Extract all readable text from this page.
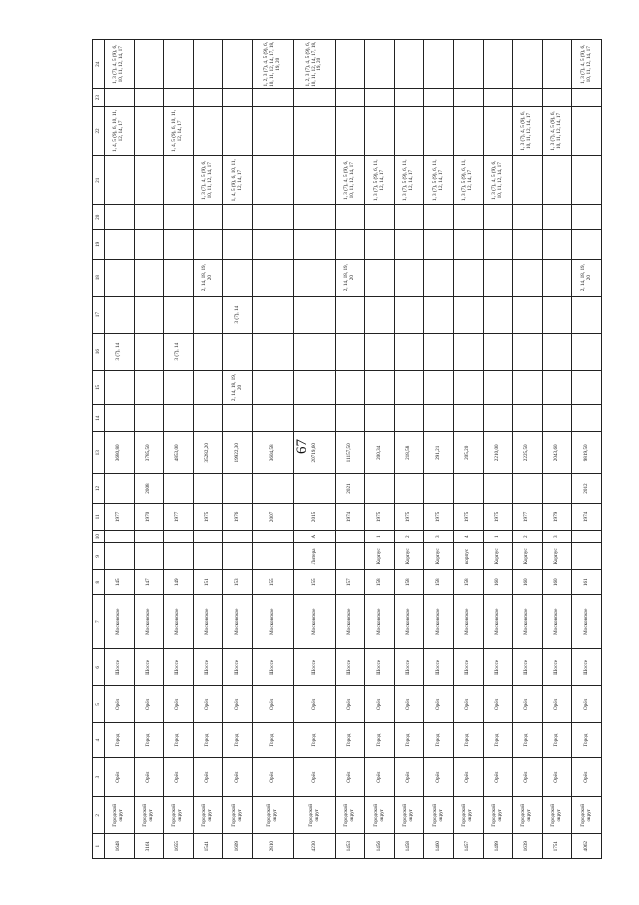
67
1	2	3	4	5	6	7	8	9	10	11	12	13	14	15	16	17	18	19	20	21	22	23	24
1648	Городской округ	Орёл	Город	Орёл	Шоссе	Московское	145			1977		3680,80			3 (7), 14						1, 4, 5 (9), 6, 10, 11, 12, 14, 17		1, 3 (7), 4, 5 (9), 6, 10, 11, 12, 14, 17
3161	Городской округ	Орёл	Город	Орёл	Шоссе	Московское	147			1970	2008	3785,50											
1655	Городской округ	Орёл	Город	Орёл	Шоссе	Московское	149			1977		4853,00			3 (7), 14						1, 4, 5 (9), 6, 10, 11, 12, 14, 17		
1541	Городской округ	Орёл	Город	Орёл	Шоссе	Московское	151			1975		35282,20					2, 14, 18, 19, 20			1, 3 (7), 4, 5 (9), 6, 10, 11, 12, 14, 17			
1609	Городской округ	Орёл	Город	Орёл	Шоссе	Московское	153			1976		19922,30		2, 14, 18, 19, 20		3 (7), 14				1, 4, 5 (9), 6, 10, 11, 12, 14, 17			
2810	Городской округ	Орёл	Город	Орёл	Шоссе	Московское	155			2007		3604,58											1, 2, 3 (7), 4, 5 (9), 6, 10, 11, 12, 14, 17, 18, 19, 20
4230	Городской округ	Орёл	Город	Орёл	Шоссе	Московское	155	Литера	А	2015		20719,60											1, 2, 3 (7), 4, 5 (9), 6, 10, 11, 12, 14, 17, 18, 19, 20
1453	Городской округ	Орёл	Город	Орёл	Шоссе	Московское	157			1974	2021	11157,50					2, 14, 18, 19, 20			1, 3 (7), 4, 5 (9), 6, 10, 11, 12, 14, 17			
1456	Городской округ	Орёл	Город	Орёл	Шоссе	Московское	158	Корпус	1	1975		200,34								1, 3 (7), 5 (9), 6, 11, 12, 14, 17			
1458	Городской округ	Орёл	Город	Орёл	Шоссе	Московское	158	Корпус	2	1975		218,58								1, 3 (7), 5 (9), 6, 11, 12, 14, 17			
1460	Городской округ	Орёл	Город	Орёл	Шоссе	Московское	158	Корпус	3	1975		291,21								1, 3 (7), 5 (9), 6, 11, 12, 14, 17			
1457	Городской округ	Орёл	Город	Орёл	Шоссе	Московское	158	корпус	4	1975		205,20								1, 3 (7), 5 (9), 6, 11, 12, 14, 17			
1499	Городской округ	Орёл	Город	Орёл	Шоссе	Московское	160	Корпус	1	1975		2210,00								1, 3 (7), 4, 5 (9), 6, 10, 11, 12, 14, 17			
1639	Городской округ	Орёл	Город	Орёл	Шоссе	Московское	160	Корпус	2	1977		2225,50									1, 3 (7), 4, 5 (9), 6, 10, 11, 12, 14, 17		
1751	Городской округ	Орёл	Город	Орёл	Шоссе	Московское	160	Корпус	3	1979		2043,60									1, 3 (7), 4, 5 (9), 6, 10, 11, 12, 14, 17		
4062	Городской округ	Орёл	Город	Орёл	Шоссе	Московское	161			1974	2012	9819,50					2, 14, 18, 19, 20						1, 3 (7), 4, 5 (9), 6, 10, 11, 12, 14, 17
